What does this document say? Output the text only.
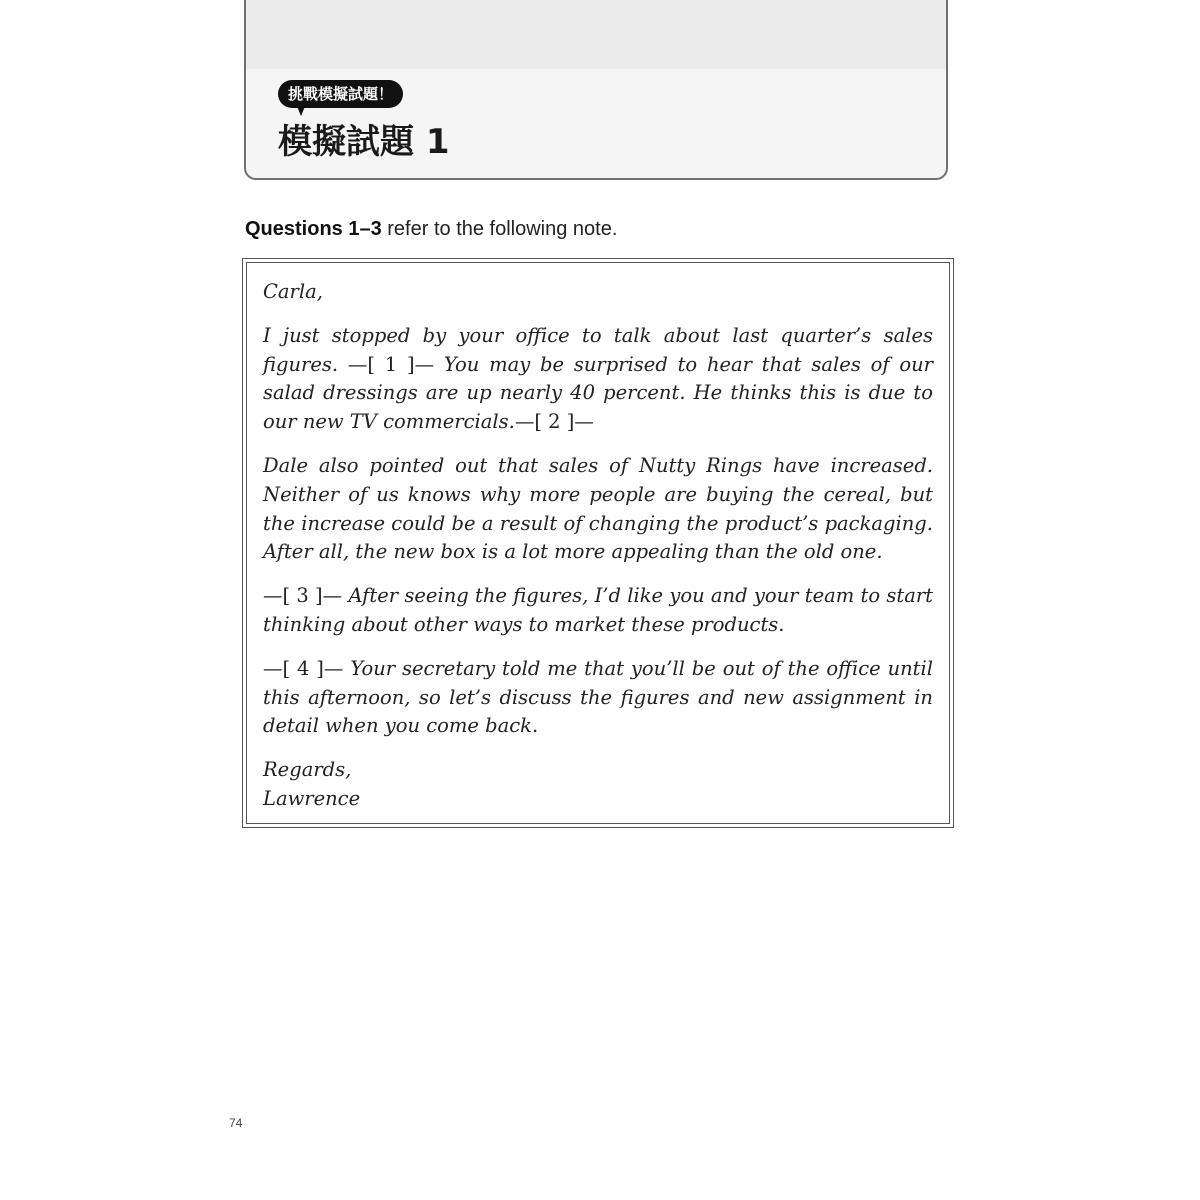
挑戰模擬試題！
模擬試題 1
Questions 1–3 refer to the following note.

Carla,

I just stopped by your office to talk about last quarter’s sales figures. —[ 1 ]— You may be surprised to hear that sales of our salad dressings are up nearly 40 percent. He thinks this is due to our new TV commercials.—[ 2 ]—

Dale also pointed out that sales of Nutty Rings have increased. Neither of us knows why more people are buying the cereal, but the increase could be a result of changing the product’s packaging. After all, the new box is a lot more appealing than the old one.

—[ 3 ]— After seeing the figures, I’d like you and your team to start thinking about other ways to market these products.

—[ 4 ]— Your secretary told me that you’ll be out of the office until this afternoon, so let’s discuss the figures and new assignment in detail when you come back.

Regards,
Lawrence

74
